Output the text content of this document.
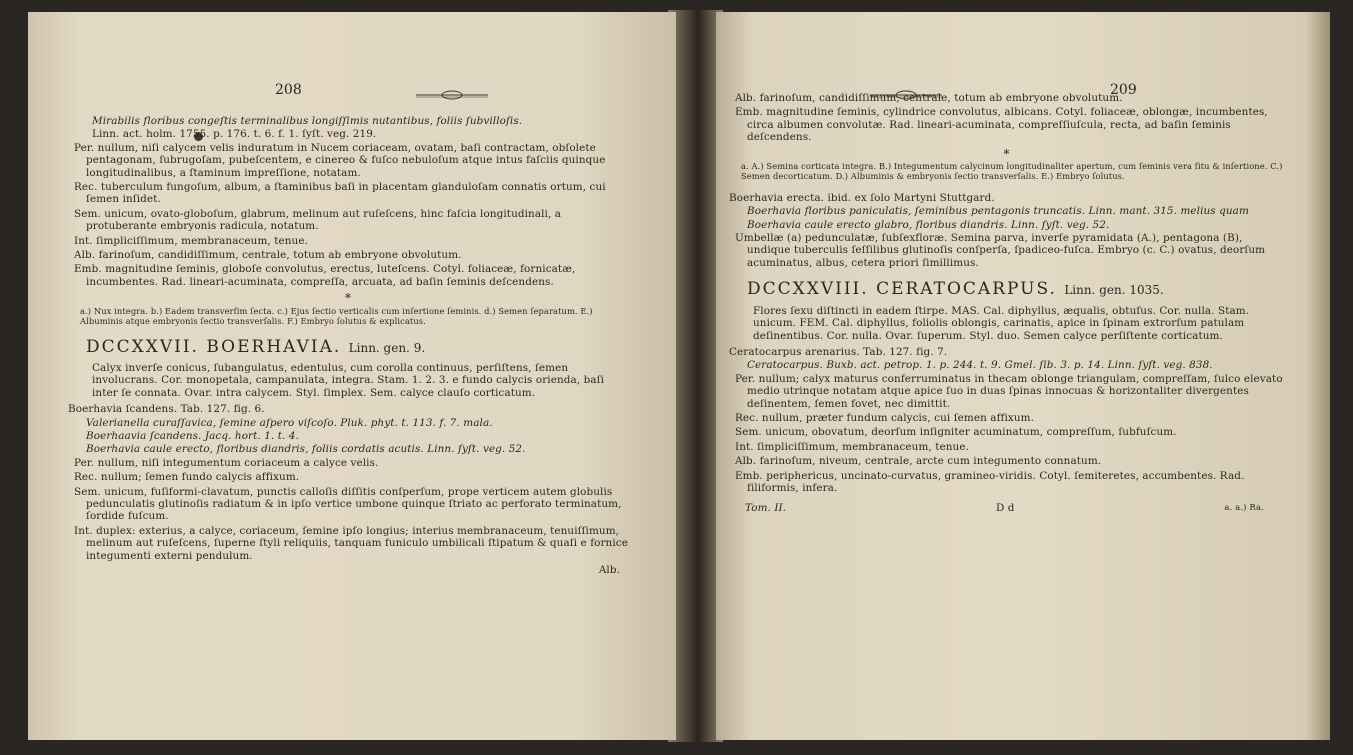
208

Mirabilis floribus congeſtis terminalibus longiſſimis nutantibus, foliis ſubvilloſis.

Linn. act. holm. 1755. p. 176. t. 6. f. 1. ſyſt. veg. 219.

Per. nullum, niſi calycem velis induratum in Nucem coriaceam, ovatam, baſi contractam, obſolete pentagonam, ſubrugoſam, pubeſcentem, e cinereo & fuſco nebuloſum atque intus faſciis quinque longitudinalibus, a ſtaminum impreſſione, notatam.

Rec. tuberculum fungoſum, album, a ſtaminibus baſi in placentam glanduloſam connatis ortum, cui ſemen inſidet.

Sem. unicum, ovato-globoſum, glabrum, melinum aut ruſeſcens, hinc faſcia longitudinali, a protuberante embryonis radicula, notatum.

Int. ſimpliciſſimum, membranaceum, tenue.

Alb. farinoſum, candidiſſimum, centrale, totum ab embryone obvolutum.

Emb. magnitudine ſeminis, globoſe convolutus, erectus, luteſcens. Cotyl. foliaceæ, fornicatæ, incumbentes. Rad. lineari-acuminata, compreſſa, arcuata, ad baſin ſeminis deſcendens.

*

a.) Nux integra. b.) Eadem transverſim ſecta. c.) Ejus ſectio verticalis cum inſertione ſeminis. d.) Semen ſeparatum. E.) Albuminis atque embryonis ſectio transverſalis. F.) Embryo ſolutus & explicatus.

DCCXXVII. BOERHAVIA. Linn. gen. 9.

Calyx inverſe conicus, ſubangulatus, edentulus, cum corolla continuus, perſiſtens, ſemen involucrans. Cor. monopetala, campanulata, integra. Stam. 1. 2. 3. e fundo calycis orienda, baſi inter ſe connata. Ovar. intra calycem. Styl. ſimplex. Sem. calyce clauſo corticatum.

Boerhavia ſcandens. Tab. 127. fig. 6.

Valerianella curaſſavica, ſemine aſpero viſcoſo. Pluk. phyt. t. 113. f. 7. mala.

Boerhaavia ſcandens. Jacq. hort. 1. t. 4.

Boerhavia caule erecto, floribus diandris, foliis cordatis acutis. Linn. ſyſt. veg. 52.

Per. nullum, niſi integumentum coriaceum a calyce velis.

Rec. nullum; ſemen fundo calycis affixum.

Sem. unicum, fuſiformi-clavatum, punctis calloſis diſſitis conſperſum, prope verticem autem globulis pedunculatis glutinoſis radiatum & in ipſo vertice umbone quinque ſtriato ac perforato terminatum, ſordide fuſcum.

Int. duplex: exterius, a calyce, coriaceum, ſemine ipſo longius; interius membranaceum, tenuiſſimum, melinum aut ruſeſcens, ſuperne ſtyli reliquiis, tanquam funiculo umbilicali ſtipatum & quaſi e fornice integumenti externi pendulum.

Alb.

209

Alb. farinoſum, candidiſſimum, centrale, totum ab embryone obvolutum.

Emb. magnitudine ſeminis, cylindrice convolutus, albicans. Cotyl. foliaceæ, oblongæ, incumbentes, circa albumen convolutæ. Rad. lineari-acuminata, compreſſiuſcula, recta, ad baſin ſeminis deſcendens.

*

a. A.) Semina corticata integra. B.) Integumentum calycinum longitudinaliter apertum, cum ſeminis vera ſitu & inſertione. C.) Semen decorticatum. D.) Albuminis & embryonis ſectio transverſalis. E.) Embryo ſolutus.

Boerhavia erecta. ibid. ex ſolo Martyni Stuttgard.

Boerhavia floribus paniculatis, ſeminibus pentagonis truncatis. Linn. mant. 315. melius quam

Boerhavia caule erecto glabro, floribus diandris. Linn. ſyſt. veg. 52.

Umbellæ (a) pedunculatæ, ſubſexfloræ. Semina parva, inverſe pyramidata (A.), pentagona (B), undique tuberculis ſeſſilibus glutinoſis conſperſa, ſpadiceo-fuſca. Embryo (c. C.) ovatus, deorſum acuminatus, albus, cetera priori ſimillimus.

DCCXXVIII. CERATOCARPUS. Linn. gen. 1035.

Flores ſexu diſtincti in eadem ſtirpe. MAS. Cal. diphyllus, æqualis, obtuſus. Cor. nulla. Stam. unicum. FEM. Cal. diphyllus, foliolis oblongis, carinatis, apice in ſpinam extrorſum patulam deſinentibus. Cor. nulla. Ovar. ſuperum. Styl. duo. Semen calyce perſiſtente corticatum.

Ceratocarpus arenarius. Tab. 127. fig. 7.

Ceratocarpus. Buxb. act. petrop. 1. p. 244. t. 9. Gmel. ſib. 3. p. 14. Linn. ſyſt. veg. 838.

Per. nullum; calyx maturus conferruminatus in thecam oblonge triangulam, compreſſam, ſulco elevato medio utrinque notatam atque apice ſuo in duas ſpinas innocuas & horizontaliter divergentes deſinentem, ſemen fovet, nec dimittit.

Rec. nullum, præter fundum calycis, cui ſemen affixum.

Sem. unicum, obovatum, deorſum inſigniter acuminatum, compreſſum, ſubfuſcum.

Int. ſimpliciſſimum, membranaceum, tenue.

Alb. farinoſum, niveum, centrale, arcte cum integumento connatum.

Emb. periphericus, uncinato-curvatus, gramineo-viridis. Cotyl. ſemiteretes, accumbentes. Rad. filiformis, infera.

Tom. II.	D d	a. a.) Ra.
